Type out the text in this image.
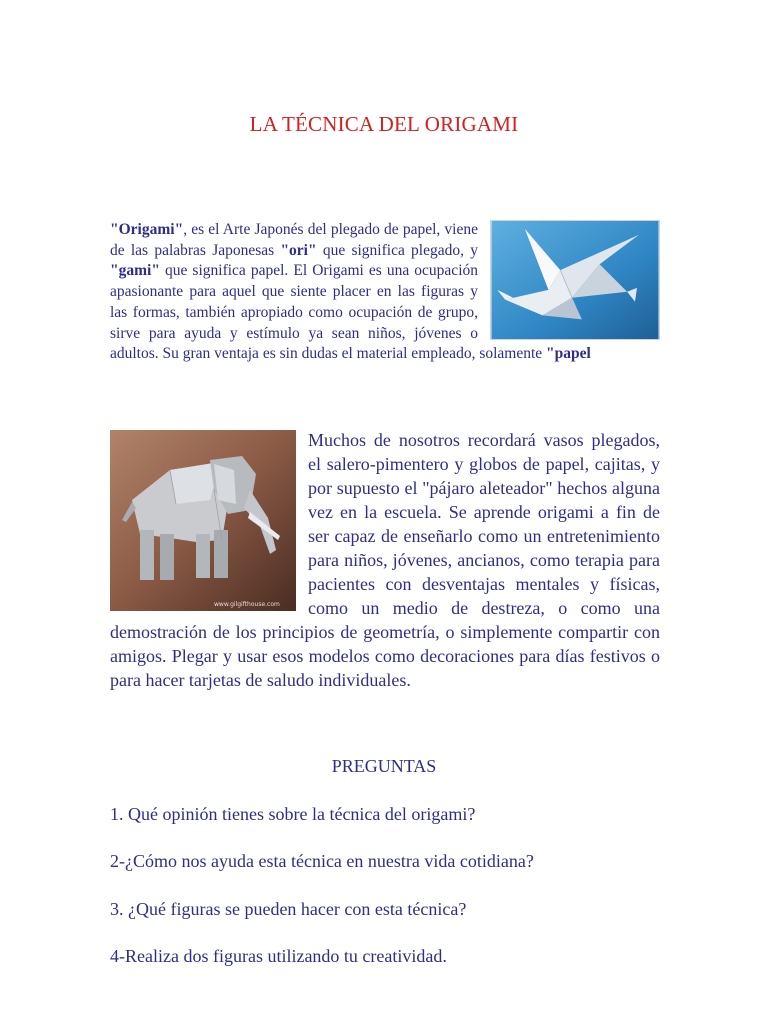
LA TÉCNICA DEL ORIGAMI
"Origami", es el Arte Japonés del plegado de papel, viene de las palabras Japonesas "ori" que significa plegado, y "gami" que significa papel. El Origami es una ocupación apasionante para aquel que siente placer en las figuras y las formas, también apropiado como ocupación de grupo, sirve para ayuda y estímulo ya sean niños, jóvenes o adultos. Su gran ventaja es sin dudas el material empleado, solamente "papel
www.gilgifthouse.com
Muchos de nosotros recordará vasos plegados, el salero-pimentero y globos de papel, cajitas, y por supuesto el "pájaro aleteador" hechos alguna vez en la escuela. Se aprende origami a fin de ser capaz de enseñarlo como un entretenimiento para niños, jóvenes, ancianos, como terapia para pacientes con desventajas mentales y físicas, como un medio de destreza, o como una demostración de los principios de geometría, o simplemente compartir con amigos. Plegar y usar esos modelos como decoraciones para días festivos o para hacer tarjetas de saludo individuales.
PREGUNTAS
1. Qué opinión tienes sobre la técnica del origami?
2-¿Cómo nos ayuda esta técnica en nuestra vida cotidiana?
3. ¿Qué figuras se pueden hacer con esta técnica?
4-Realiza dos figuras utilizando tu creatividad.
